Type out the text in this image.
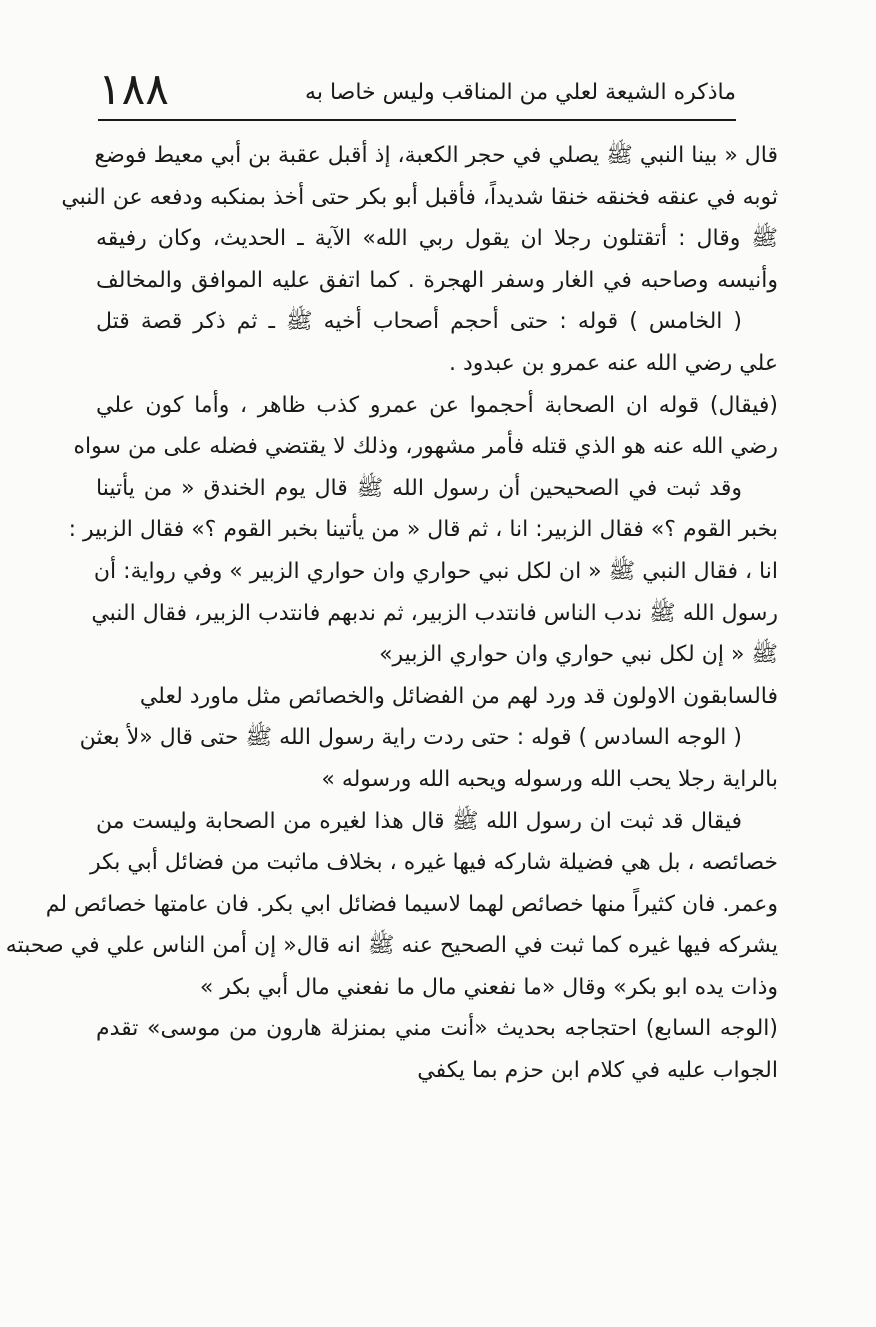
ماذكره الشيعة لعلي من المناقب وليس خاصا به
١٨٨
قال « بينا النبي ﷺ يصلي في حجر الكعبة، إذ أقبل عقبة بن أبي معيط فوضع
ثوبه في عنقه فخنقه خنقا شديداً، فأقبل أبو بكر حتى أخذ بمنكبه ودفعه عن النبي
ﷺ وقال : أتقتلون رجلا ان يقول ربي الله» الآية ـ الحديث، وكان رفيقه
وأنيسه وصاحبه في الغار وسفر الهجرة . كما اتفق عليه الموافق والمخالف
( الخامس ) قوله : حتى أحجم أصحاب أخيه ﷺ ـ ثم ذكر قصة قتل
علي رضي الله عنه عمرو بن عبدود .
(فيقال) قوله ان الصحابة أحجموا عن عمرو كذب ظاهر ، وأما كون علي
رضي الله عنه هو الذي قتله فأمر مشهور، وذلك لا يقتضي فضله على من سواه
وقد ثبت في الصحيحين أن رسول الله ﷺ قال يوم الخندق « من يأتينا
بخبر القوم ؟» فقال الزبير: انا ، ثم قال « من يأتينا بخبر القوم ؟» فقال الزبير :
انا ، فقال النبي ﷺ « ان لكل نبي حواري وان حواري الزبير » وفي رواية: أن
رسول الله ﷺ ندب الناس فانتدب الزبير، ثم ندبهم فانتدب الزبير، فقال النبي
ﷺ « إن لكل نبي حواري وان حواري الزبير»
فالسابقون الاولون قد ورد لهم من الفضائل والخصائص مثل ماورد لعلي
( الوجه السادس ) قوله : حتى ردت راية رسول الله ﷺ حتى قال «لأ بعثن
بالراية رجلا يحب الله ورسوله ويحبه الله ورسوله »
فيقال قد ثبت ان رسول الله ﷺ قال هذا لغيره من الصحابة وليست من
خصائصه ، بل هي فضيلة شاركه فيها غيره ، بخلاف ماثبت من فضائل أبي بكر
وعمر. فان كثيراً منها خصائص لهما لاسيما فضائل ابي بكر. فان عامتها خصائص لم
يشركه فيها غيره كما ثبت في الصحيح عنه ﷺ انه قال« إن أمن الناس علي في صحبته
وذات يده ابو بكر» وقال «ما نفعني مال ما نفعني مال أبي بكر »
(الوجه السابع) احتجاجه بحديث «أنت مني بمنزلة هارون من موسى» تقدم
الجواب عليه في كلام ابن حزم بما يكفي
